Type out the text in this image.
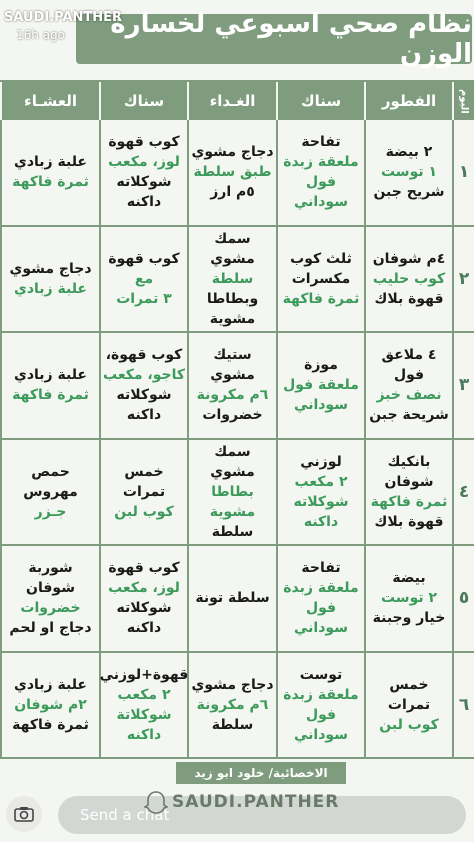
نظام صحي اسبوعي لخسارة الوزن
SAUDI.PANTHER
16h ago
اليوم
الفطور
سناك
الغـداء
سناك
العشـاء
١
٢ بيضة
١ توست
شريح جبن
تفاحة
ملعقة زبدة
فول سوداني
دجاج مشوي
طبق سلطة
٥م ارز
كوب قهوة
لوز، مكعب
شوكلاته
داكنه
علبة زبادي
ثمرة فاكهة
٢
٤م شوفان
كوب حليب
قهوة بلاك
ثلث كوب
مكسرات
ثمرة فاكهة
سمك مشوي
سلطة
وبطاطا
مشوية
كوب قهوة
مع
٣ تمرات
دجاج مشوي
علبة زبادي
٣
٤ ملاعق فول
نصف خبز
شريحة جبن
موزة
ملعقة فول
سوداني
ستيك مشوي
٦م مكرونة
خضروات
كوب قهوة،
كاجو، مكعب
شوكلاته
داكنه
علبة زبادي
ثمرة فاكهة
٤
بانكيك
شوفان
ثمرة فاكهة
قهوة بلاك
لوزني
٢ مكعب
شوكلاته
داكنه
سمك مشوي
بطاطا
مشوية
سلطة
خمس تمرات
كوب لبن
حمص
مهروس
جـزر
٥
بيضة
٢ توست
خيار وجبنة
تفاحة
ملعقة زبدة
فول سوداني
سلطة تونة
كوب قهوة
لوز، مكعب
شوكلاته
داكنه
شوربة
شوفان
خضروات
دجاج او لحم
٦
خمس تمرات
كوب لبن
توست
ملعقة زبدة
فول سوداني
دجاج مشوي
٦م مكرونة
سلطة
قهوة+لوزني
٢ مكعب
شوكلاتة
داكنه
علبة زبادي
٢م شوفان
ثمرة فاكهة
الاخصائية/ خلود ابو زيد
Send a chat
SAUDI.PANTHER
